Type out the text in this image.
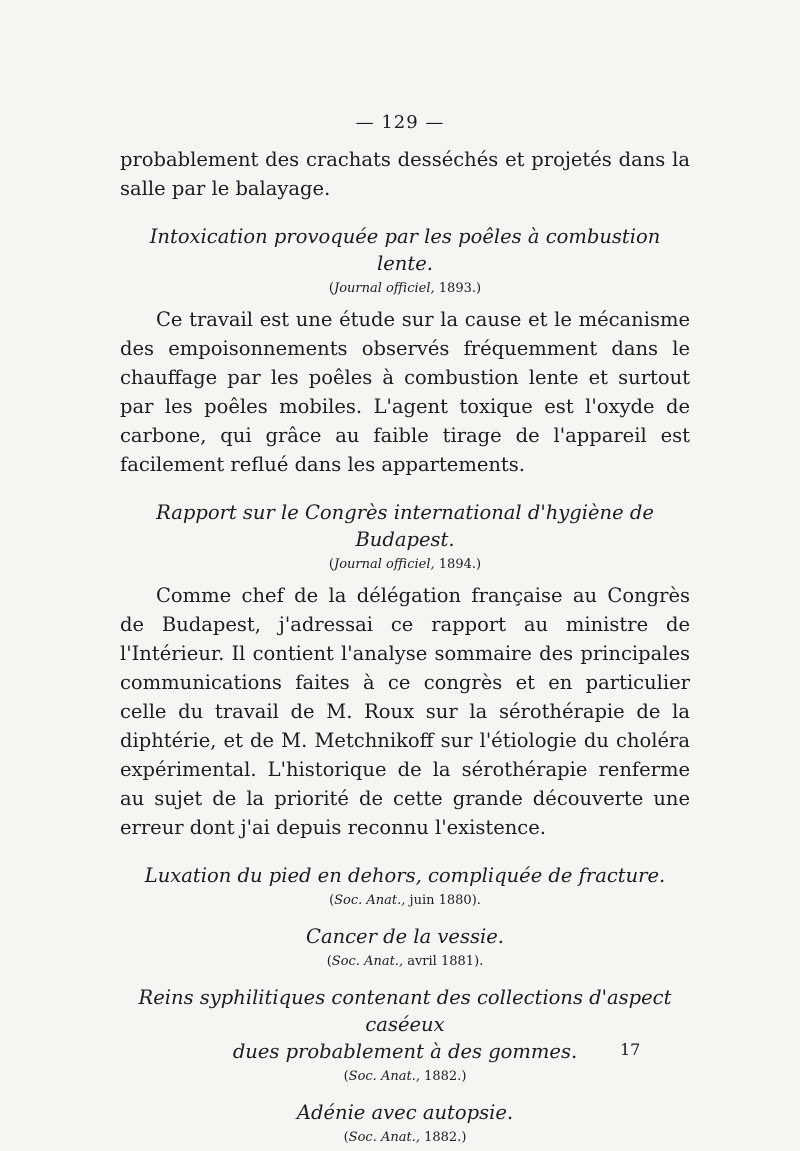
— 129 —

probablement des crachats desséchés et projetés dans la salle par le balayage.

Intoxication provoquée par les poêles à combustion lente.

(Journal officiel, 1893.)

Ce travail est une étude sur la cause et le mécanisme des empoisonnements observés fréquemment dans le chauffage par les poêles à combustion lente et surtout par les poêles mobiles. L'agent toxique est l'oxyde de carbone, qui grâce au faible tirage de l'appareil est facilement reflué dans les appartements.

Rapport sur le Congrès international d'hygiène de Budapest.

(Journal officiel, 1894.)

Comme chef de la délégation française au Congrès de Budapest, j'adressai ce rapport au ministre de l'Intérieur. Il contient l'analyse sommaire des principales communications faites à ce congrès et en particulier celle du travail de M. Roux sur la sérothérapie de la diphtérie, et de M. Metchnikoff sur l'étiologie du choléra expérimental. L'historique de la sérothérapie renferme au sujet de la priorité de cette grande découverte une erreur dont j'ai depuis reconnu l'existence.

Luxation du pied en dehors, compliquée de fracture.

(Soc. Anat., juin 1880).

Cancer de la vessie.

(Soc. Anat., avril 1881).

Reins syphilitiques contenant des collections d'aspect caséeux

dues probablement à des gommes.

(Soc. Anat., 1882.)

Adénie avec autopsie.

(Soc. Anat., 1882.)

17
